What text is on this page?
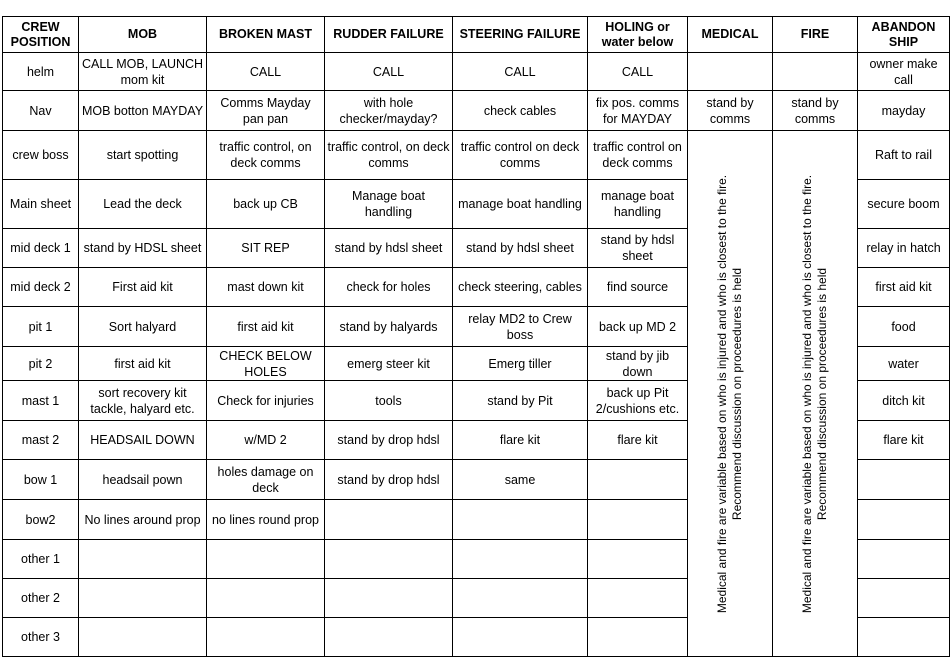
CREW POSITION	MOB	BROKEN MAST	RUDDER FAILURE	STEERING FAILURE	HOLING or water below	MEDICAL	FIRE	ABANDON SHIP
helm	CALL MOB, LAUNCH mom kit	CALL	CALL	CALL	CALL			owner make call
Nav	MOB botton MAYDAY	Comms Mayday pan pan	with hole checker/mayday?	check cables	fix pos. comms for MAYDAY	stand by comms	stand by comms	mayday
crew boss	start spotting	traffic control, on deck comms	traffic control, on deck comms	traffic control on deck comms	traffic control on deck comms	Medical and fire are variable based on who is injured and who is closest to the fire. Recommend discussion on proceedures is held	Medical and fire are variable based on who is injured and who is closest to the fire. Recommend discussion on proceedures is held	Raft to rail
Main sheet	Lead the deck	back up CB	Manage boat handling	manage boat handling	manage boat handling			secure boom
mid deck 1	stand by HDSL sheet	SIT REP	stand by hdsl sheet	stand by hdsl sheet	stand by hdsl sheet			relay in hatch
mid deck 2	First aid kit	mast down kit	check for holes	check steering, cables	find source			first aid kit
pit 1	Sort halyard	first aid kit	stand by halyards	relay MD2 to Crew boss	back up MD 2			food
pit 2	first aid kit	CHECK BELOW HOLES	emerg steer kit	Emerg tiller	stand by jib down			water
mast 1	sort recovery kit tackle, halyard etc.	Check for injuries	tools	stand by Pit	back up Pit 2/cushions etc.			ditch kit
mast 2	HEADSAIL DOWN	w/MD 2	stand by drop hdsl	flare kit	flare kit			flare kit
bow 1	headsail pown	holes damage on deck	stand by drop hdsl	same				
bow2	No lines around prop	no lines round prop						
other 1								
other 2								
other 3								
